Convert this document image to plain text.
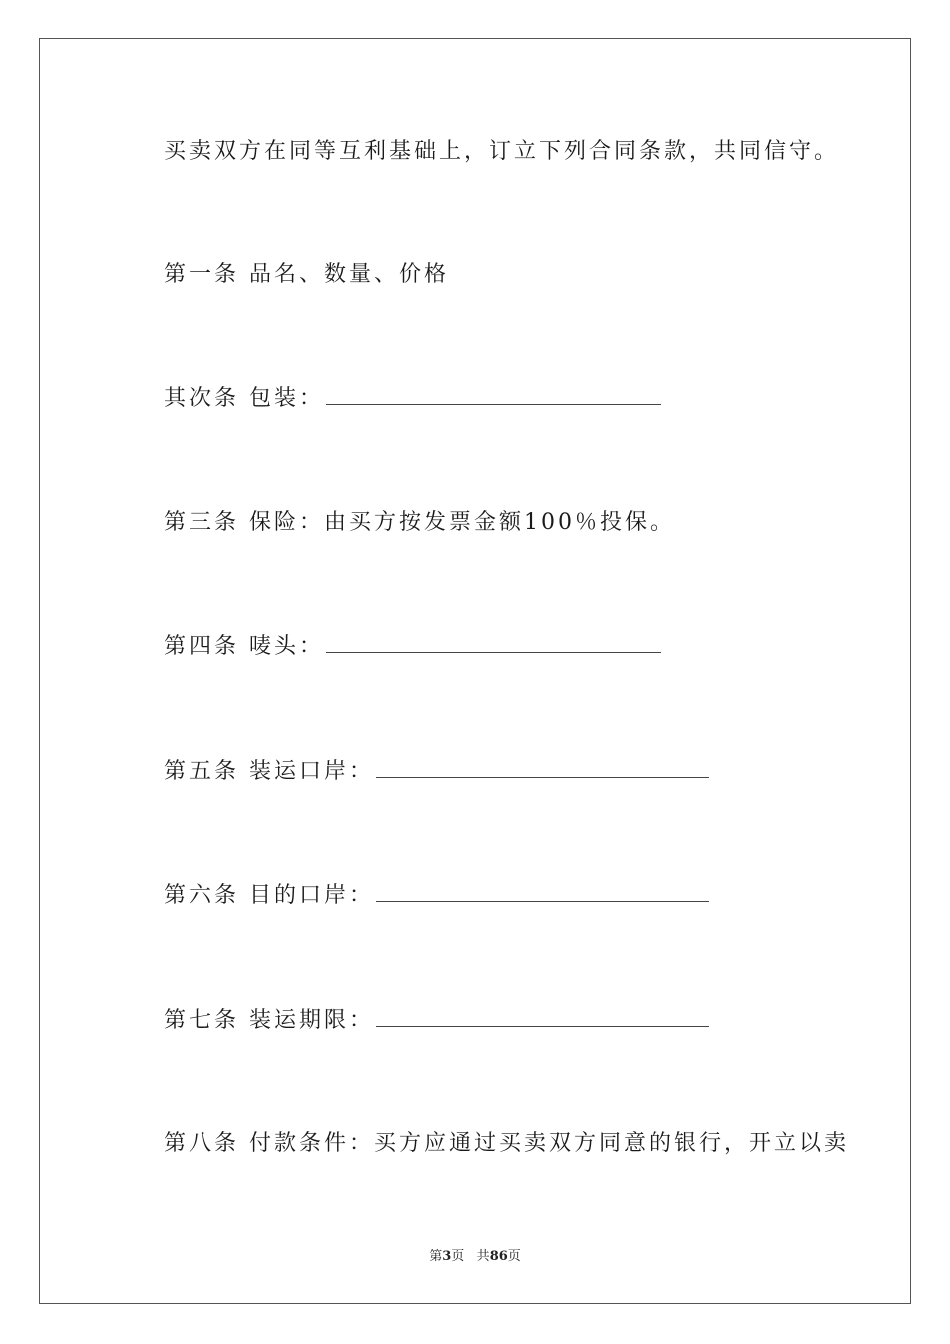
买卖双方在同等互利基础上，订立下列合同条款，共同信守。
第一条 品名、数量、价格
其次条 包装：
第三条 保险：由买方按发票金额100％投保。
第四条 唛头：
第五条 装运口岸：
第六条 目的口岸：
第七条 装运期限：
第八条 付款条件：买方应通过买卖双方同意的银行，开立以卖
第3页 共86页
